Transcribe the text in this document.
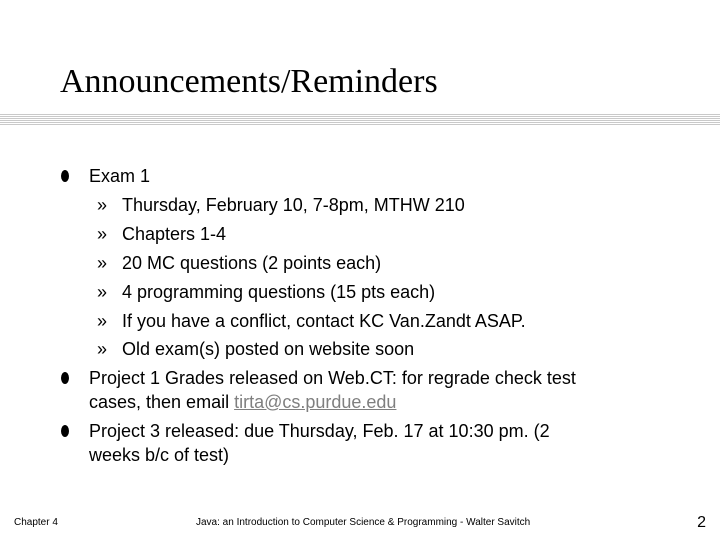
Announcements/Reminders
Exam 1
» Thursday, February 10, 7-8pm, MTHW 210
» Chapters 1-4
» 20 MC questions (2 points each)
» 4 programming questions (15 pts each)
» If you have a conflict, contact KC Van.Zandt ASAP.
» Old exam(s) posted on website soon
Project 1 Grades released on Web.CT: for regrade check test
cases, then email tirta@cs.purdue.edu
Project 3 released: due Thursday, Feb. 17 at 10:30 pm. (2
weeks b/c of test)
Chapter 4	Java: an Introduction to Computer Science & Programming - Walter Savitch	2
